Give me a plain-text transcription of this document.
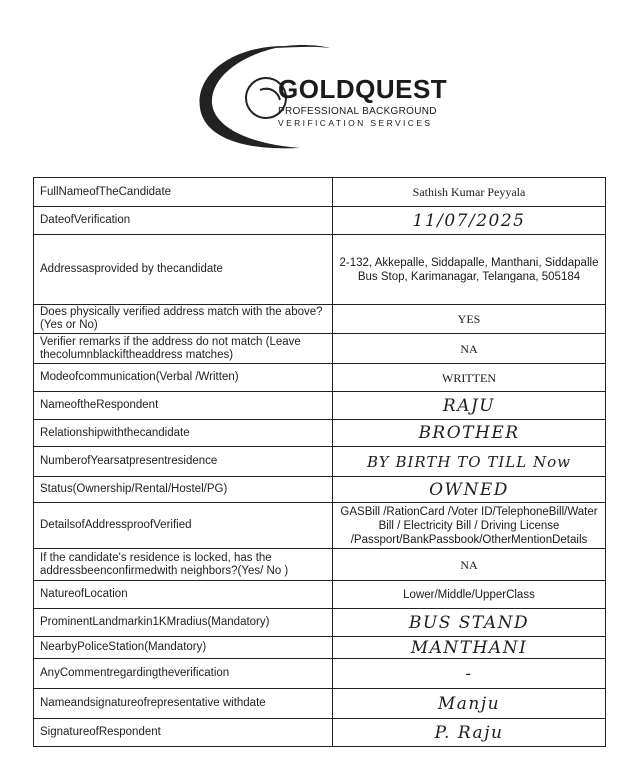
GOLDQUEST
PROFESSIONAL BACKGROUND
VERIFICATION SERVICES
FullNameofTheCandidate	Sathish Kumar Peyyala
DateofVerification	11/07/2025
Addressasprovided by thecandidate	2-132, Akkepalle, Siddapalle, Manthani, Siddapalle Bus Stop, Karimanagar, Telangana, 505184
Does physically verified address match with the above?(Yes or No)	YES
Verifier remarks if the address do not match (Leave thecolumnblackiftheaddress matches)	NA
Modeofcommunication(Verbal /Written)	WRITTEN
NameoftheRespondent	RAJU
Relationshipwiththecandidate	BROTHER
NumberofYearsatpresentresidence	BY BIRTH TO TILL Now
Status(Ownership/Rental/Hostel/PG)	OWNED
DetailsofAddressproofVerified	GASBill /RationCard /Voter ID/TelephoneBill/Water Bill / Electricity Bill / Driving License /Passport/BankPassbook/OtherMentionDetails
If the candidate's residence is locked, has the addressbeenconfirmedwith neighbors?(Yes/ No )	NA
NatureofLocation	Lower/Middle/UpperClass
ProminentLandmarkin1KMradius(Mandatory)	BUS STAND
NearbyPoliceStation(Mandatory)	MANTHANI
AnyCommentregardingtheverification	-
Nameandsignatureofrepresentative withdate	Manju
SignatureofRespondent	P. Raju
